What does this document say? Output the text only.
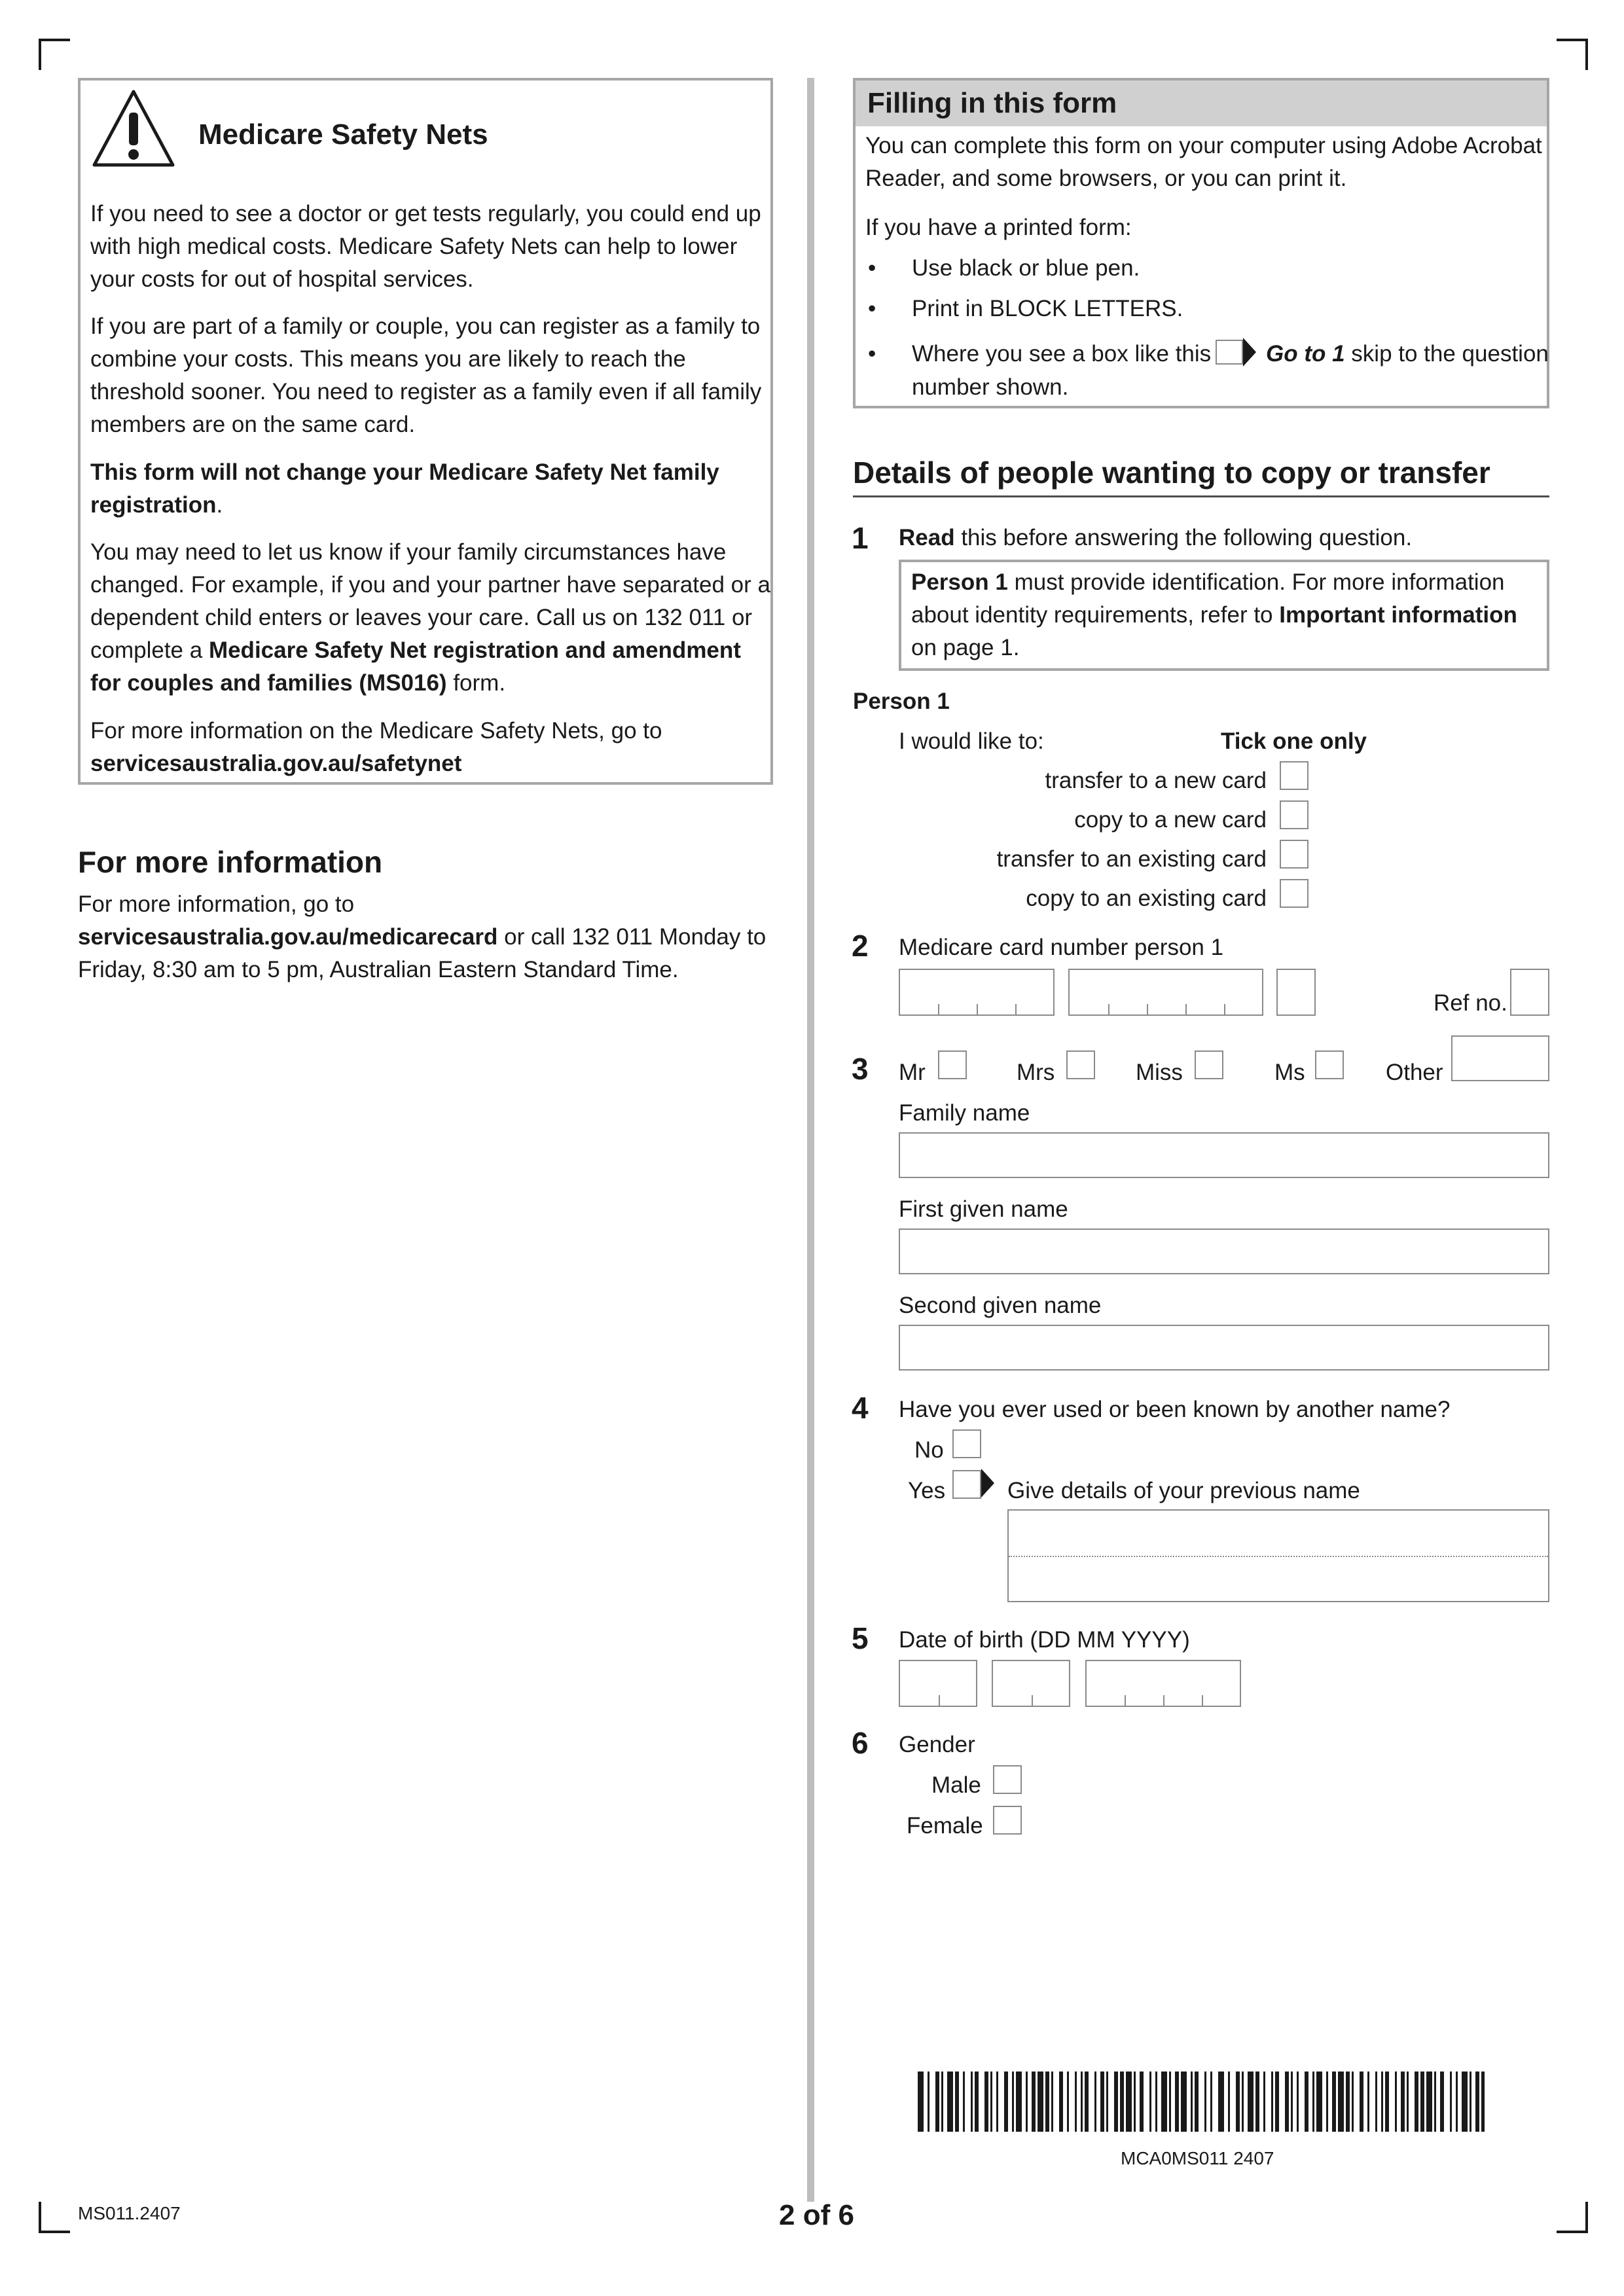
Medicare Safety Nets

If you need to see a doctor or get tests regularly, you could end up with high medical costs. Medicare Safety Nets can help to lower your costs for out of hospital services.

If you are part of a family or couple, you can register as a family to combine your costs. This means you are likely to reach the threshold sooner. You need to register as a family even if all family members are on the same card.

This form will not change your Medicare Safety Net family registration.

You may need to let us know if your family circumstances have changed. For example, if you and your partner have separated or a dependent child enters or leaves your care. Call us on 132 011 or complete a Medicare Safety Net registration and amendment for couples and families (MS016) form.

For more information on the Medicare Safety Nets, go to
servicesaustralia.gov.au/safetynet

For more information

For more information, go to
servicesaustralia.gov.au/medicarecard or call 132 011 Monday to Friday, 8:30 am to 5 pm, Australian Eastern Standard Time.

Filling in this form

You can complete this form on your computer using Adobe Acrobat Reader, and some browsers, or you can print it.

If you have a printed form:

• Use black or blue pen.
• Print in BLOCK LETTERS.
• Where you see a box like this Go to 1 skip to the question
number shown.
Details of people wanting to copy or transfer
1 Read this before answering the following question.

Person 1 must provide identification. For more information about identity requirements, refer to Important information on page 1.

Person 1
I would like to:	Tick one only
transfer to a new card
copy to a new card
transfer to an existing card
copy to an existing card
2 Medicare card number person 1
Ref no.
3 Mr	Mrs	Miss	Ms	Other
Family name
First given name
Second given name
4 Have you ever used or been known by another name?
No
Yes	Give details of your previous name
5 Date of birth (DD MM YYYY)
6 Gender
Male
Female
MCA0MS011 2407
MS011.2407	2 of 6
